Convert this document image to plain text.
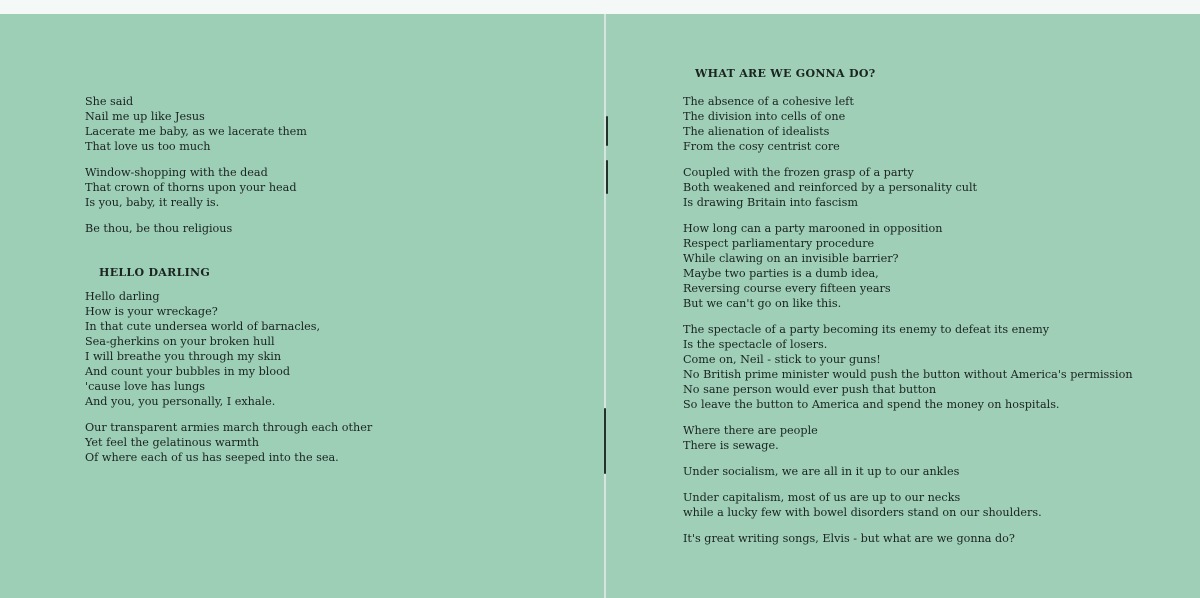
She said
Nail me up like Jesus
Lacerate me baby, as we lacerate them
That love us too much
Window-shopping with the dead
That crown of thorns upon your head
Is you, baby, it really is.
Be thou, be thou religious
HELLO DARLING
Hello darling
How is your wreckage?
In that cute undersea world of barnacles,
Sea-gherkins on your broken hull
I will breathe you through my skin
And count your bubbles in my blood
'cause love has lungs
And you, you personally, I exhale.
Our transparent armies march through each other
Yet feel the gelatinous warmth
Of where each of us has seeped into the sea.
WHAT ARE WE GONNA DO?
The absence of a cohesive left
The division into cells of one
The alienation of idealists
From the cosy centrist core
Coupled with the frozen grasp of a party
Both weakened and reinforced by a personality cult
Is drawing Britain into fascism
How long can a party marooned in opposition
Respect parliamentary procedure
While clawing on an invisible barrier?
Maybe two parties is a dumb idea,
Reversing course every fifteen years
But we can't go on like this.
The spectacle of a party becoming its enemy to defeat its enemy
Is the spectacle of losers.
Come on, Neil - stick to your guns!
No British prime minister would push the button without America's permission
No sane person would ever push that button
So leave the button to America and spend the money on hospitals.
Where there are people
There is sewage.
Under socialism, we are all in it up to our ankles
Under capitalism, most of us are up to our necks
while a lucky few with bowel disorders stand on our shoulders.
It's great writing songs, Elvis - but what are we gonna do?
